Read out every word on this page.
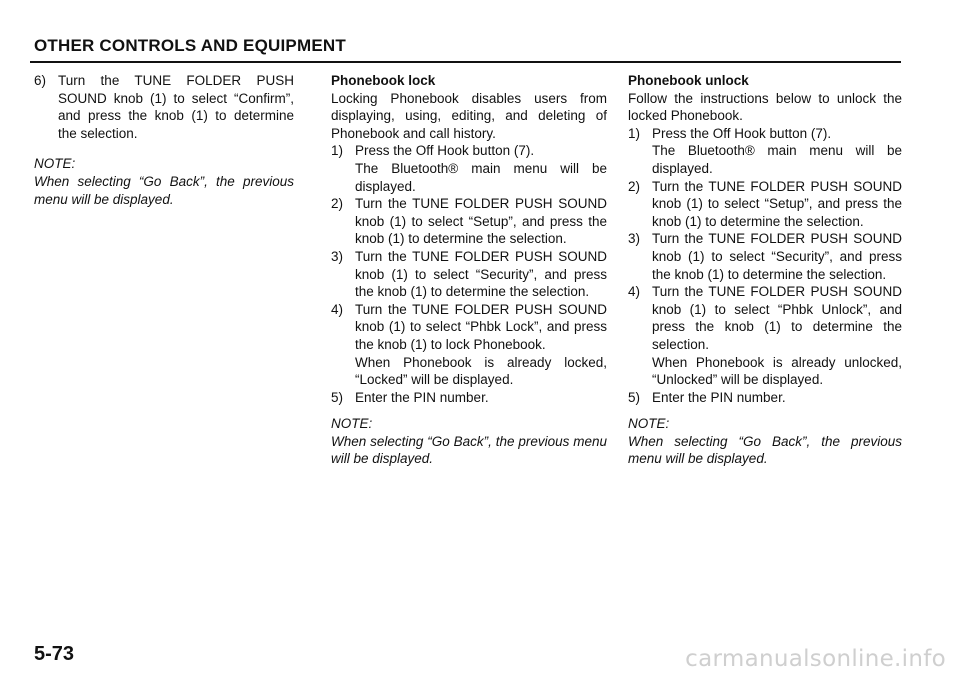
OTHER CONTROLS AND EQUIPMENT
6) Turn the TUNE FOLDER PUSH SOUND knob (1) to select “Confirm”, and press the knob (1) to determine the selection.

NOTE:
When selecting “Go Back”, the previous menu will be displayed.

Phonebook lock

Locking Phonebook disables users from displaying, using, editing, and deleting of Phonebook and call history.

1) Press the Off Hook button (7).
The Bluetooth® main menu will be displayed.
2) Turn the TUNE FOLDER PUSH SOUND knob (1) to select “Setup”, and press the knob (1) to determine the selection.
3) Turn the TUNE FOLDER PUSH SOUND knob (1) to select “Security”, and press the knob (1) to determine the selection.
4) Turn the TUNE FOLDER PUSH SOUND knob (1) to select “Phbk Lock”, and press the knob (1) to lock Phonebook.
When Phonebook is already locked, “Locked” will be displayed.
5) Enter the PIN number.

NOTE:
When selecting “Go Back”, the previous menu will be displayed.

Phonebook unlock

Follow the instructions below to unlock the locked Phonebook.

1) Press the Off Hook button (7).
The Bluetooth® main menu will be displayed.
2) Turn the TUNE FOLDER PUSH SOUND knob (1) to select “Setup”, and press the knob (1) to determine the selection.
3) Turn the TUNE FOLDER PUSH SOUND knob (1) to select “Security”, and press the knob (1) to determine the selection.
4) Turn the TUNE FOLDER PUSH SOUND knob (1) to select “Phbk Unlock”, and press the knob (1) to determine the selection.
When Phonebook is already unlocked, “Unlocked” will be displayed.
5) Enter the PIN number.

NOTE:
When selecting “Go Back”, the previous menu will be displayed.

5-73	carmanualsonline.info
